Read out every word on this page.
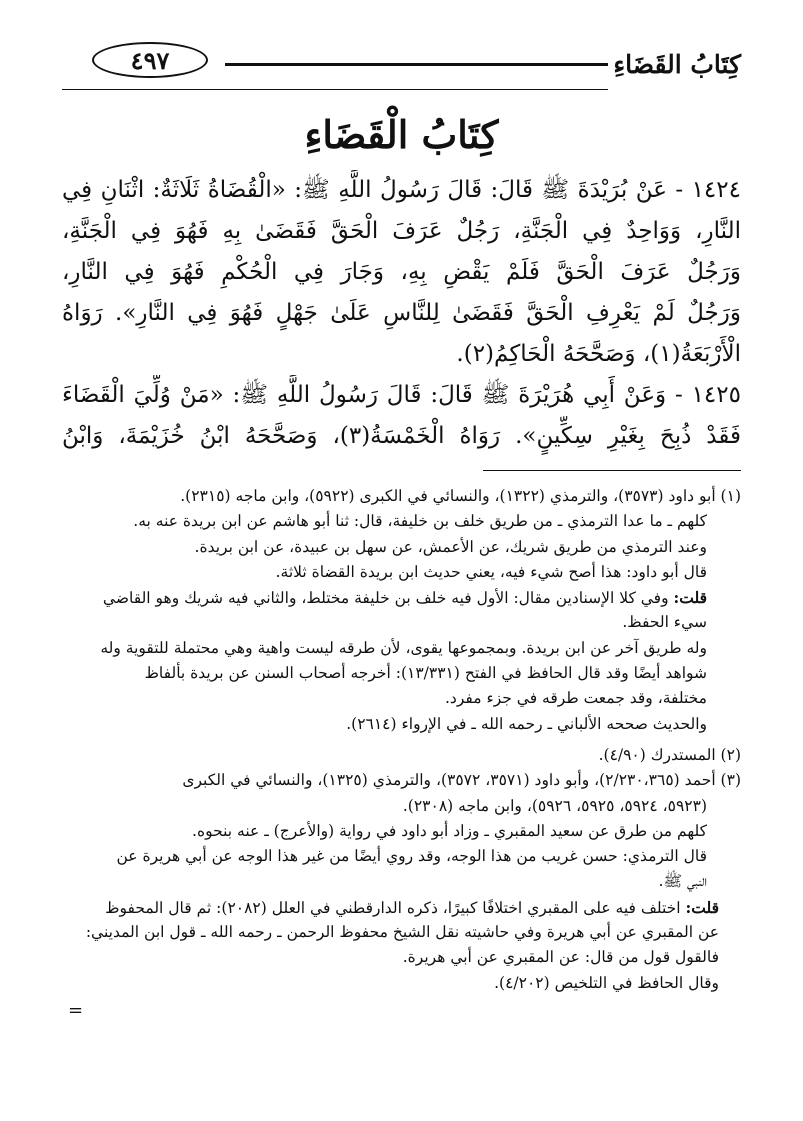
كِتَابُ القَضَاءِ
٤٩٧
كِتَابُ الْقَضَاءِ
١٤٢٤ - عَنْ بُرَيْدَةَ ﷺ قَالَ: قَالَ رَسُولُ اللَّهِ ﷺ: «الْقُضَاةُ ثَلَاثَةٌ: اثْنَانِ فِي
النَّارِ، وَوَاحِدٌ فِي الْجَنَّةِ، رَجُلٌ عَرَفَ الْحَقَّ فَقَضَىٰ بِهِ فَهُوَ فِي الْجَنَّةِ،
وَرَجُلٌ عَرَفَ الْحَقَّ فَلَمْ يَقْضِ بِهِ، وَجَارَ فِي الْحُكْمِ فَهُوَ فِي النَّارِ،
وَرَجُلٌ لَمْ يَعْرِفِ الْحَقَّ فَقَضَىٰ لِلنَّاسِ عَلَىٰ جَهْلٍ فَهُوَ فِي النَّارِ». رَوَاهُ
الْأَرْبَعَةُ(١)، وَصَحَّحَهُ الْحَاكِمُ(٢).
١٤٢٥ - وَعَنْ أَبِي هُرَيْرَةَ ﷺ قَالَ: قَالَ رَسُولُ اللَّهِ ﷺ: «مَنْ وُلِّيَ الْقَضَاءَ
فَقَدْ ذُبِحَ بِغَيْرِ سِكِّينٍ». رَوَاهُ الْخَمْسَةُ(٣)، وَصَحَّحَهُ ابْنُ خُزَيْمَةَ، وَابْنُ
(١) أبو داود (٣٥٧٣)، والترمذي (١٣٢٢)، والنسائي في الكبرى (٥٩٢٢)، وابن ماجه (٢٣١٥).
كلهم ـ ما عدا الترمذي ـ من طريق خلف بن خليفة، قال: ثنا أبو هاشم عن ابن بريدة عنه به.
وعند الترمذي من طريق شريك، عن الأعمش، عن سهل بن عبيدة، عن ابن بريدة.
قال أبو داود: هذا أصح شيء فيه، يعني حديث ابن بريدة القضاة ثلاثة.
قلت: وفي كلا الإسنادين مقال: الأول فيه خلف بن خليفة مختلط، والثاني فيه شريك وهو القاضي
سيء الحفظ.
وله طريق آخر عن ابن بريدة. وبمجموعها يقوى، لأن طرقه ليست واهية وهي محتملة للتقوية وله
شواهد أيضًا وقد قال الحافظ في الفتح (١٣/٣٣١): أخرجه أصحاب السنن عن بريدة بألفاظ
مختلفة، وقد جمعت طرقه في جزء مفرد.
والحديث صححه الألباني ـ رحمه الله ـ في الإرواء (٢٦١٤).
(٢) المستدرك (٤/٩٠).
(٣) أحمد (٢/٢٣٠،٣٦٥)، وأبو داود (٣٥٧١، ٣٥٧٢)، والترمذي (١٣٢٥)، والنسائي في الكبرى
(٥٩٢٣، ٥٩٢٤، ٥٩٢٥، ٥٩٢٦)، وابن ماجه (٢٣٠٨).
كلهم من طرق عن سعيد المقبري ـ وزاد أبو داود في رواية (والأعرج) ـ عنه بنحوه.
قال الترمذي: حسن غريب من هذا الوجه، وقد روي أيضًا من غير هذا الوجه عن أبي هريرة عن
النبي ﷺ.
قلت: اختلف فيه على المقبري اختلافًا كبيرًا، ذكره الدارقطني في العلل (٢٠٨٢): ثم قال المحفوظ
عن المقبري عن أبي هريرة وفي حاشيته نقل الشيخ محفوظ الرحمن ـ رحمه الله ـ قول ابن المديني:
فالقول قول من قال: عن المقبري عن أبي هريرة.
وقال الحافظ في التلخيص (٤/٢٠٢).
=
